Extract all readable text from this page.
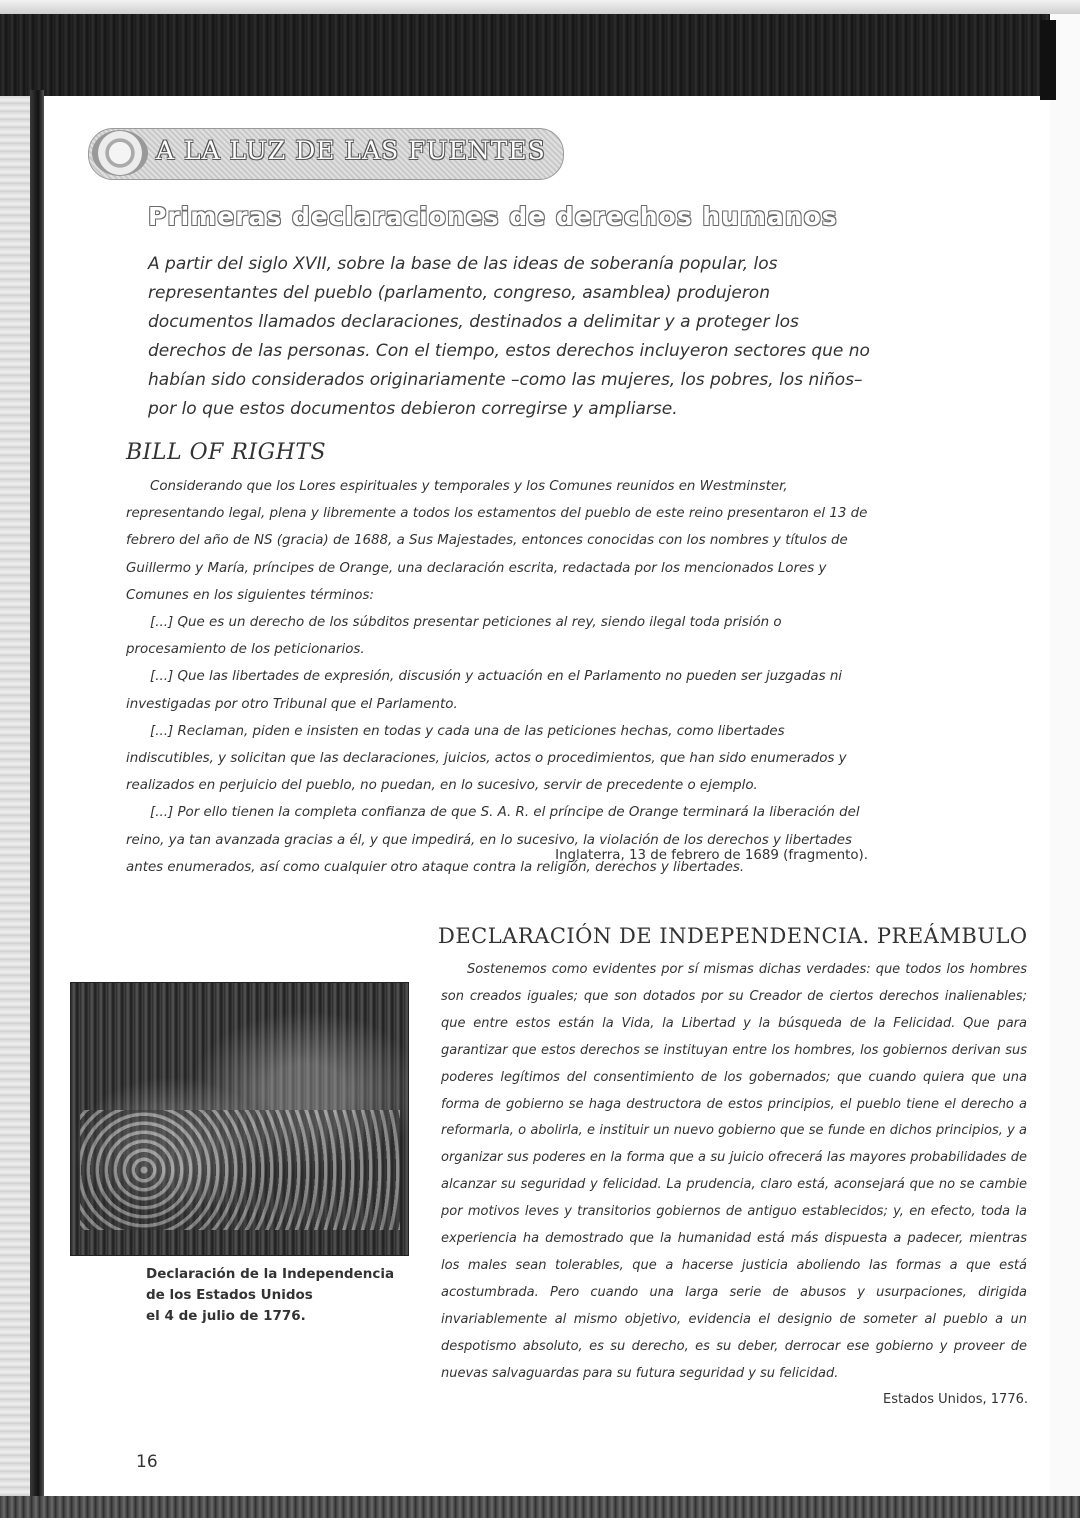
A LA LUZ DE LAS FUENTES
Primeras declaraciones de derechos humanos
A partir del siglo XVII, sobre la base de las ideas de soberanía popular, los representantes del pueblo (parlamento, congreso, asamblea) produjeron documentos llamados declaraciones, destinados a delimitar y a proteger los derechos de las personas. Con el tiempo, estos derechos incluyeron sectores que no habían sido considerados originariamente –como las mujeres, los pobres, los niños– por lo que estos documentos debieron corregirse y ampliarse.
BILL OF RIGHTS

Considerando que los Lores espirituales y temporales y los Comunes reunidos en Westminster, representando legal, plena y libremente a todos los estamentos del pueblo de este reino presentaron el 13 de febrero del año de NS (gracia) de 1688, a Sus Majestades, entonces conocidas con los nombres y títulos de Guillermo y María, príncipes de Orange, una declaración escrita, redactada por los mencionados Lores y Comunes en los siguientes términos:

[...] Que es un derecho de los súbditos presentar peticiones al rey, siendo ilegal toda prisión o procesamiento de los peticionarios.

[...] Que las libertades de expresión, discusión y actuación en el Parlamento no pueden ser juzgadas ni investigadas por otro Tribunal que el Parlamento.

[...] Reclaman, piden e insisten en todas y cada una de las peticiones hechas, como libertades indiscutibles, y solicitan que las declaraciones, juicios, actos o procedimientos, que han sido enumerados y realizados en perjuicio del pueblo, no puedan, en lo sucesivo, servir de precedente o ejemplo.

[...] Por ello tienen la completa confianza de que S. A. R. el príncipe de Orange terminará la liberación del reino, ya tan avanzada gracias a él, y que impedirá, en lo sucesivo, la violación de los derechos y libertades antes enumerados, así como cualquier otro ataque contra la religión, derechos y libertades.

Inglaterra, 13 de febrero de 1689 (fragmento).
Declaración de la Independencia
de los Estados Unidos
el 4 de julio de 1776.
DECLARACIÓN DE INDEPENDENCIA. PREÁMBULO
Sostenemos como evidentes por sí mismas dichas verdades: que todos los hombres son creados iguales; que son dotados por su Creador de ciertos derechos inalienables; que entre estos están la Vida, la Libertad y la búsqueda de la Felicidad. Que para garantizar que estos derechos se instituyan entre los hombres, los gobiernos derivan sus poderes legítimos del consentimiento de los gobernados; que cuando quiera que una forma de gobierno se haga destructora de estos principios, el pueblo tiene el derecho a reformarla, o abolirla, e instituir un nuevo gobierno que se funde en dichos principios, y a organizar sus poderes en la forma que a su juicio ofrecerá las mayores probabilidades de alcanzar su seguridad y felicidad. La prudencia, claro está, aconsejará que no se cambie por motivos leves y transitorios gobiernos de antiguo establecidos; y, en efecto, toda la experiencia ha demostrado que la humanidad está más dispuesta a padecer, mientras los males sean tolerables, que a hacerse justicia aboliendo las formas a que está acostumbrada. Pero cuando una larga serie de abusos y usurpaciones, dirigida invariablemente al mismo objetivo, evidencia el designio de someter al pueblo a un despotismo absoluto, es su derecho, es su deber, derrocar ese gobierno y proveer de nuevas salvaguardas para su futura seguridad y su felicidad.
Estados Unidos, 1776.
16
